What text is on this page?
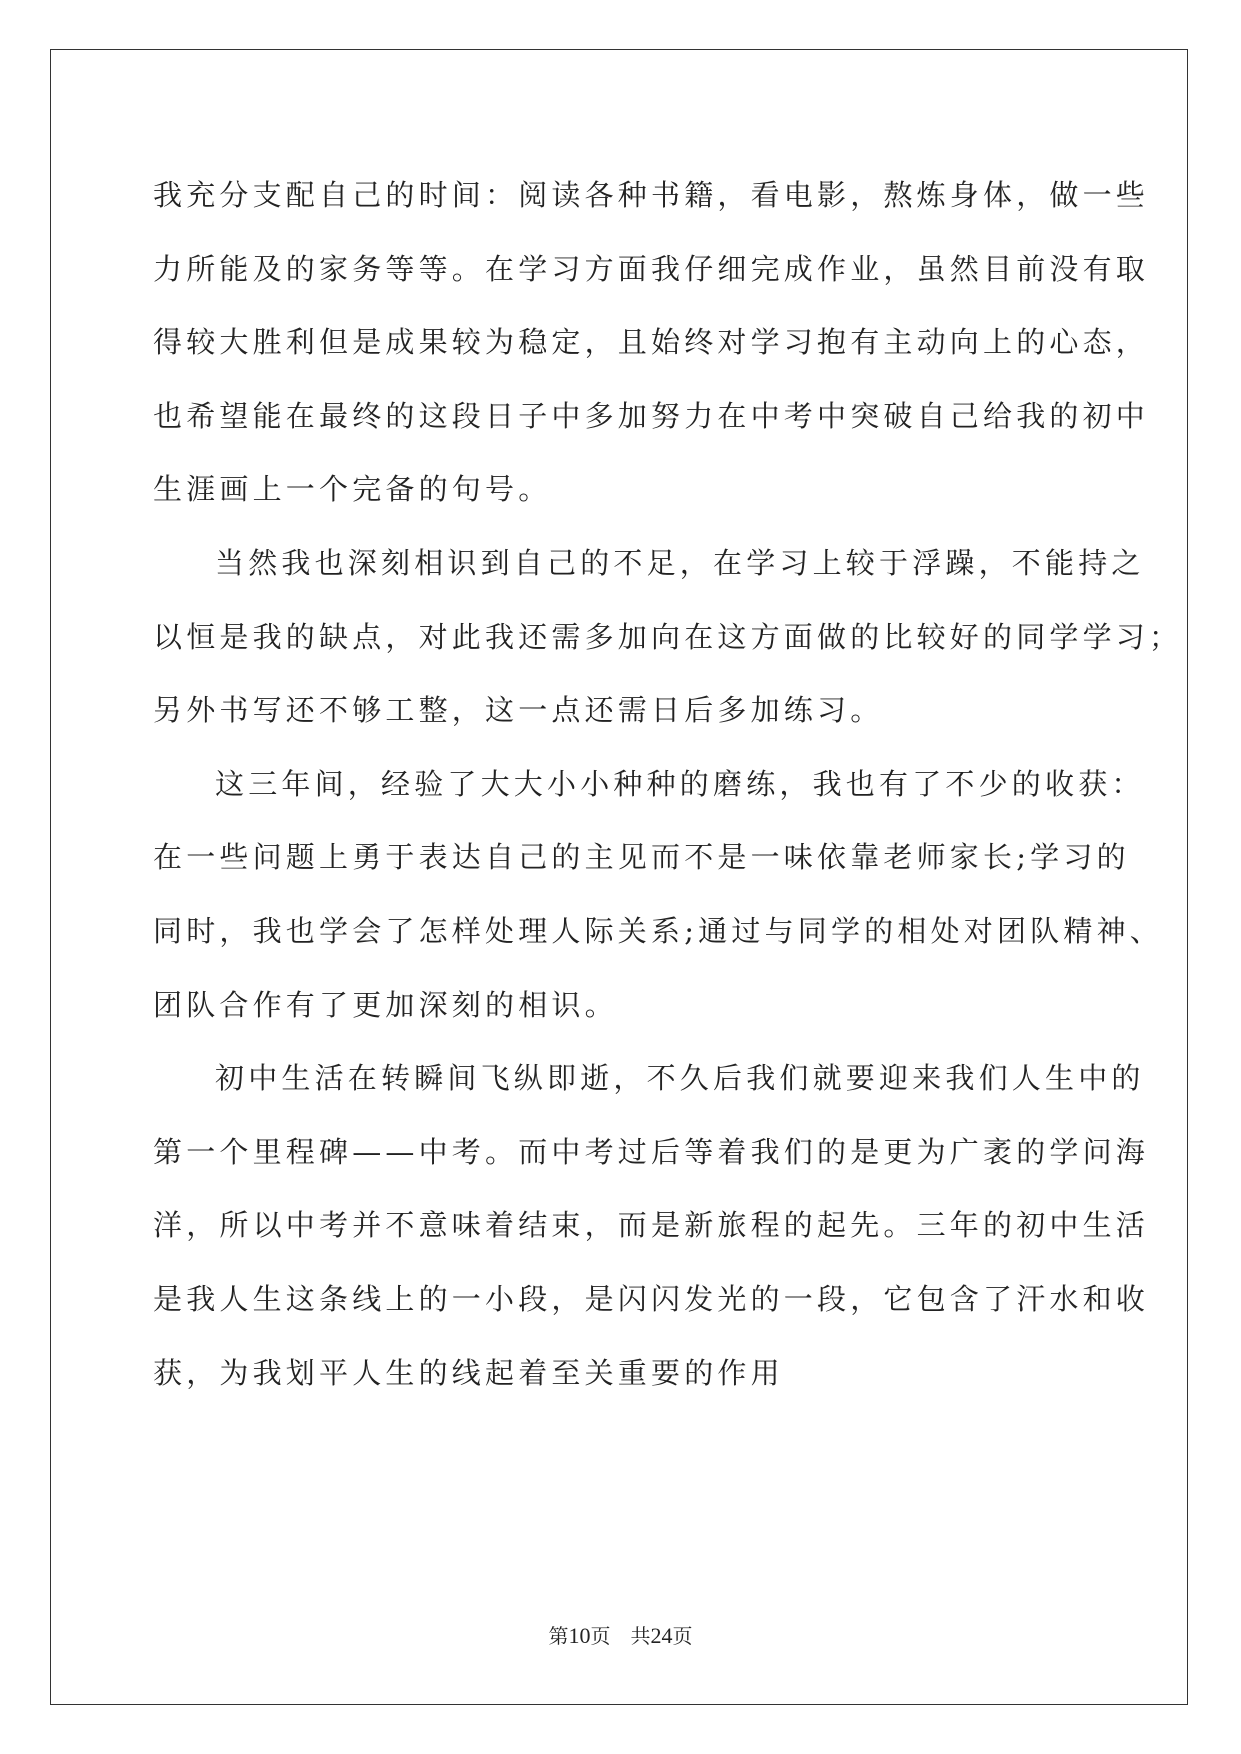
我充分支配自己的时间：阅读各种书籍，看电影，熬炼身体，做一些
力所能及的家务等等。在学习方面我仔细完成作业，虽然目前没有取
得较大胜利但是成果较为稳定，且始终对学习抱有主动向上的心态，
也希望能在最终的这段日子中多加努力在中考中突破自己给我的初中
生涯画上一个完备的句号。

当然我也深刻相识到自己的不足，在学习上较于浮躁，不能持之
以恒是我的缺点，对此我还需多加向在这方面做的比较好的同学学习；
另外书写还不够工整，这一点还需日后多加练习。

这三年间，经验了大大小小种种的磨练，我也有了不少的收获：
在一些问题上勇于表达自己的主见而不是一味依靠老师家长;学习的
同时，我也学会了怎样处理人际关系;通过与同学的相处对团队精神、
团队合作有了更加深刻的相识。

初中生活在转瞬间飞纵即逝，不久后我们就要迎来我们人生中的
第一个里程碑——中考。而中考过后等着我们的是更为广袤的学问海
洋，所以中考并不意味着结束，而是新旅程的起先。三年的初中生活
是我人生这条线上的一小段，是闪闪发光的一段，它包含了汗水和收
获，为我划平人生的线起着至关重要的作用

第10页 共24页
